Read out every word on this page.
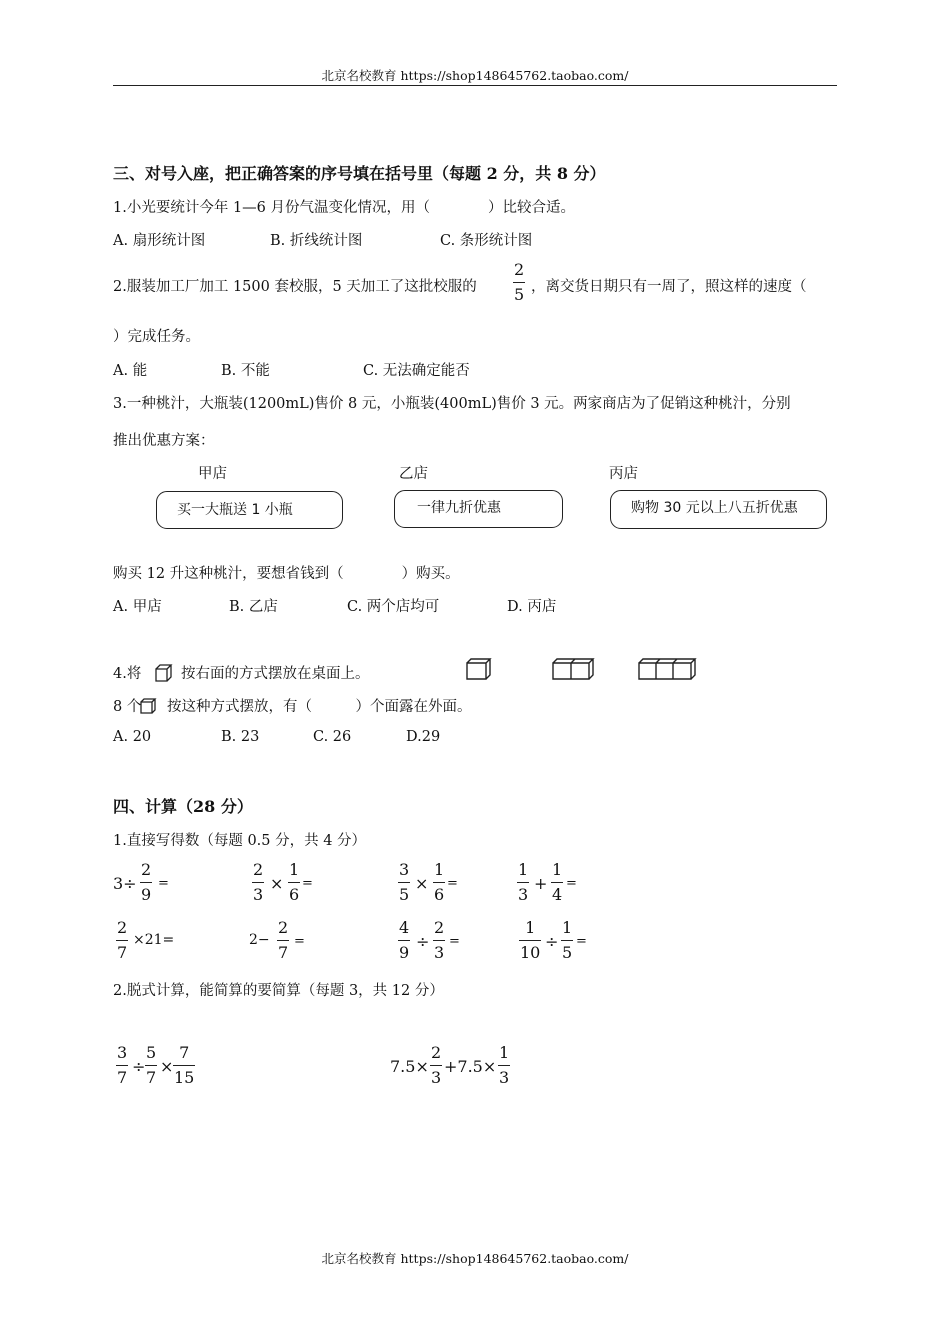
北京名校教育 https://shop148645762.taobao.com/
三、对号入座，把正确答案的序号填在括号里（每题 2 分，共 8 分）
1.小光要统计今年 1—6 月份气温变化情况，用（　　　　）比较合适。
A. 扇形统计图	B. 折线统计图	C. 条形统计图
2.服装加工厂加工 1500 套校服，5 天加工了这批校服的
2
5 ，离交货日期只有一周了，照这样的速度（
）完成任务。
A. 能	B. 不能	C. 无法确定能否
3.一种桃汁，大瓶装(1200mL)售价 8 元，小瓶装(400mL)售价 3 元。两家商店为了促销这种桃汁，分别
推出优惠方案：
甲店	乙店	丙店
买一大瓶送 1 小瓶	一律九折优惠	购物 30 元以上八五折优惠
购买 12 升这种桃汁，要想省钱到（　　　　）购买。
A. 甲店	B. 乙店	C. 两个店均可	D. 丙店
4.将	按右面的方式摆放在桌面上。
8 个 按这种方式摆放，有（　　　）个面露在外面。
A. 20	B. 23	C. 26	D.29
四、计算（28 分）
1.直接写得数（每题 0.5 分，共 4 分）
3÷
2
9
=
2
3
×
1
6
=
3
5
×
1
6
=
1
3
+
1
4
=
2
7
×21=	2−
2
7
=
4
9
÷
2
3
=
1
10
÷
1
5
=
2.脱式计算，能简算的要简算（每题 3，共 12 分）
3
7
÷
5
7
×
7
15
7.5×
2
3
+7.5×
1
3
北京名校教育 https://shop148645762.taobao.com/
